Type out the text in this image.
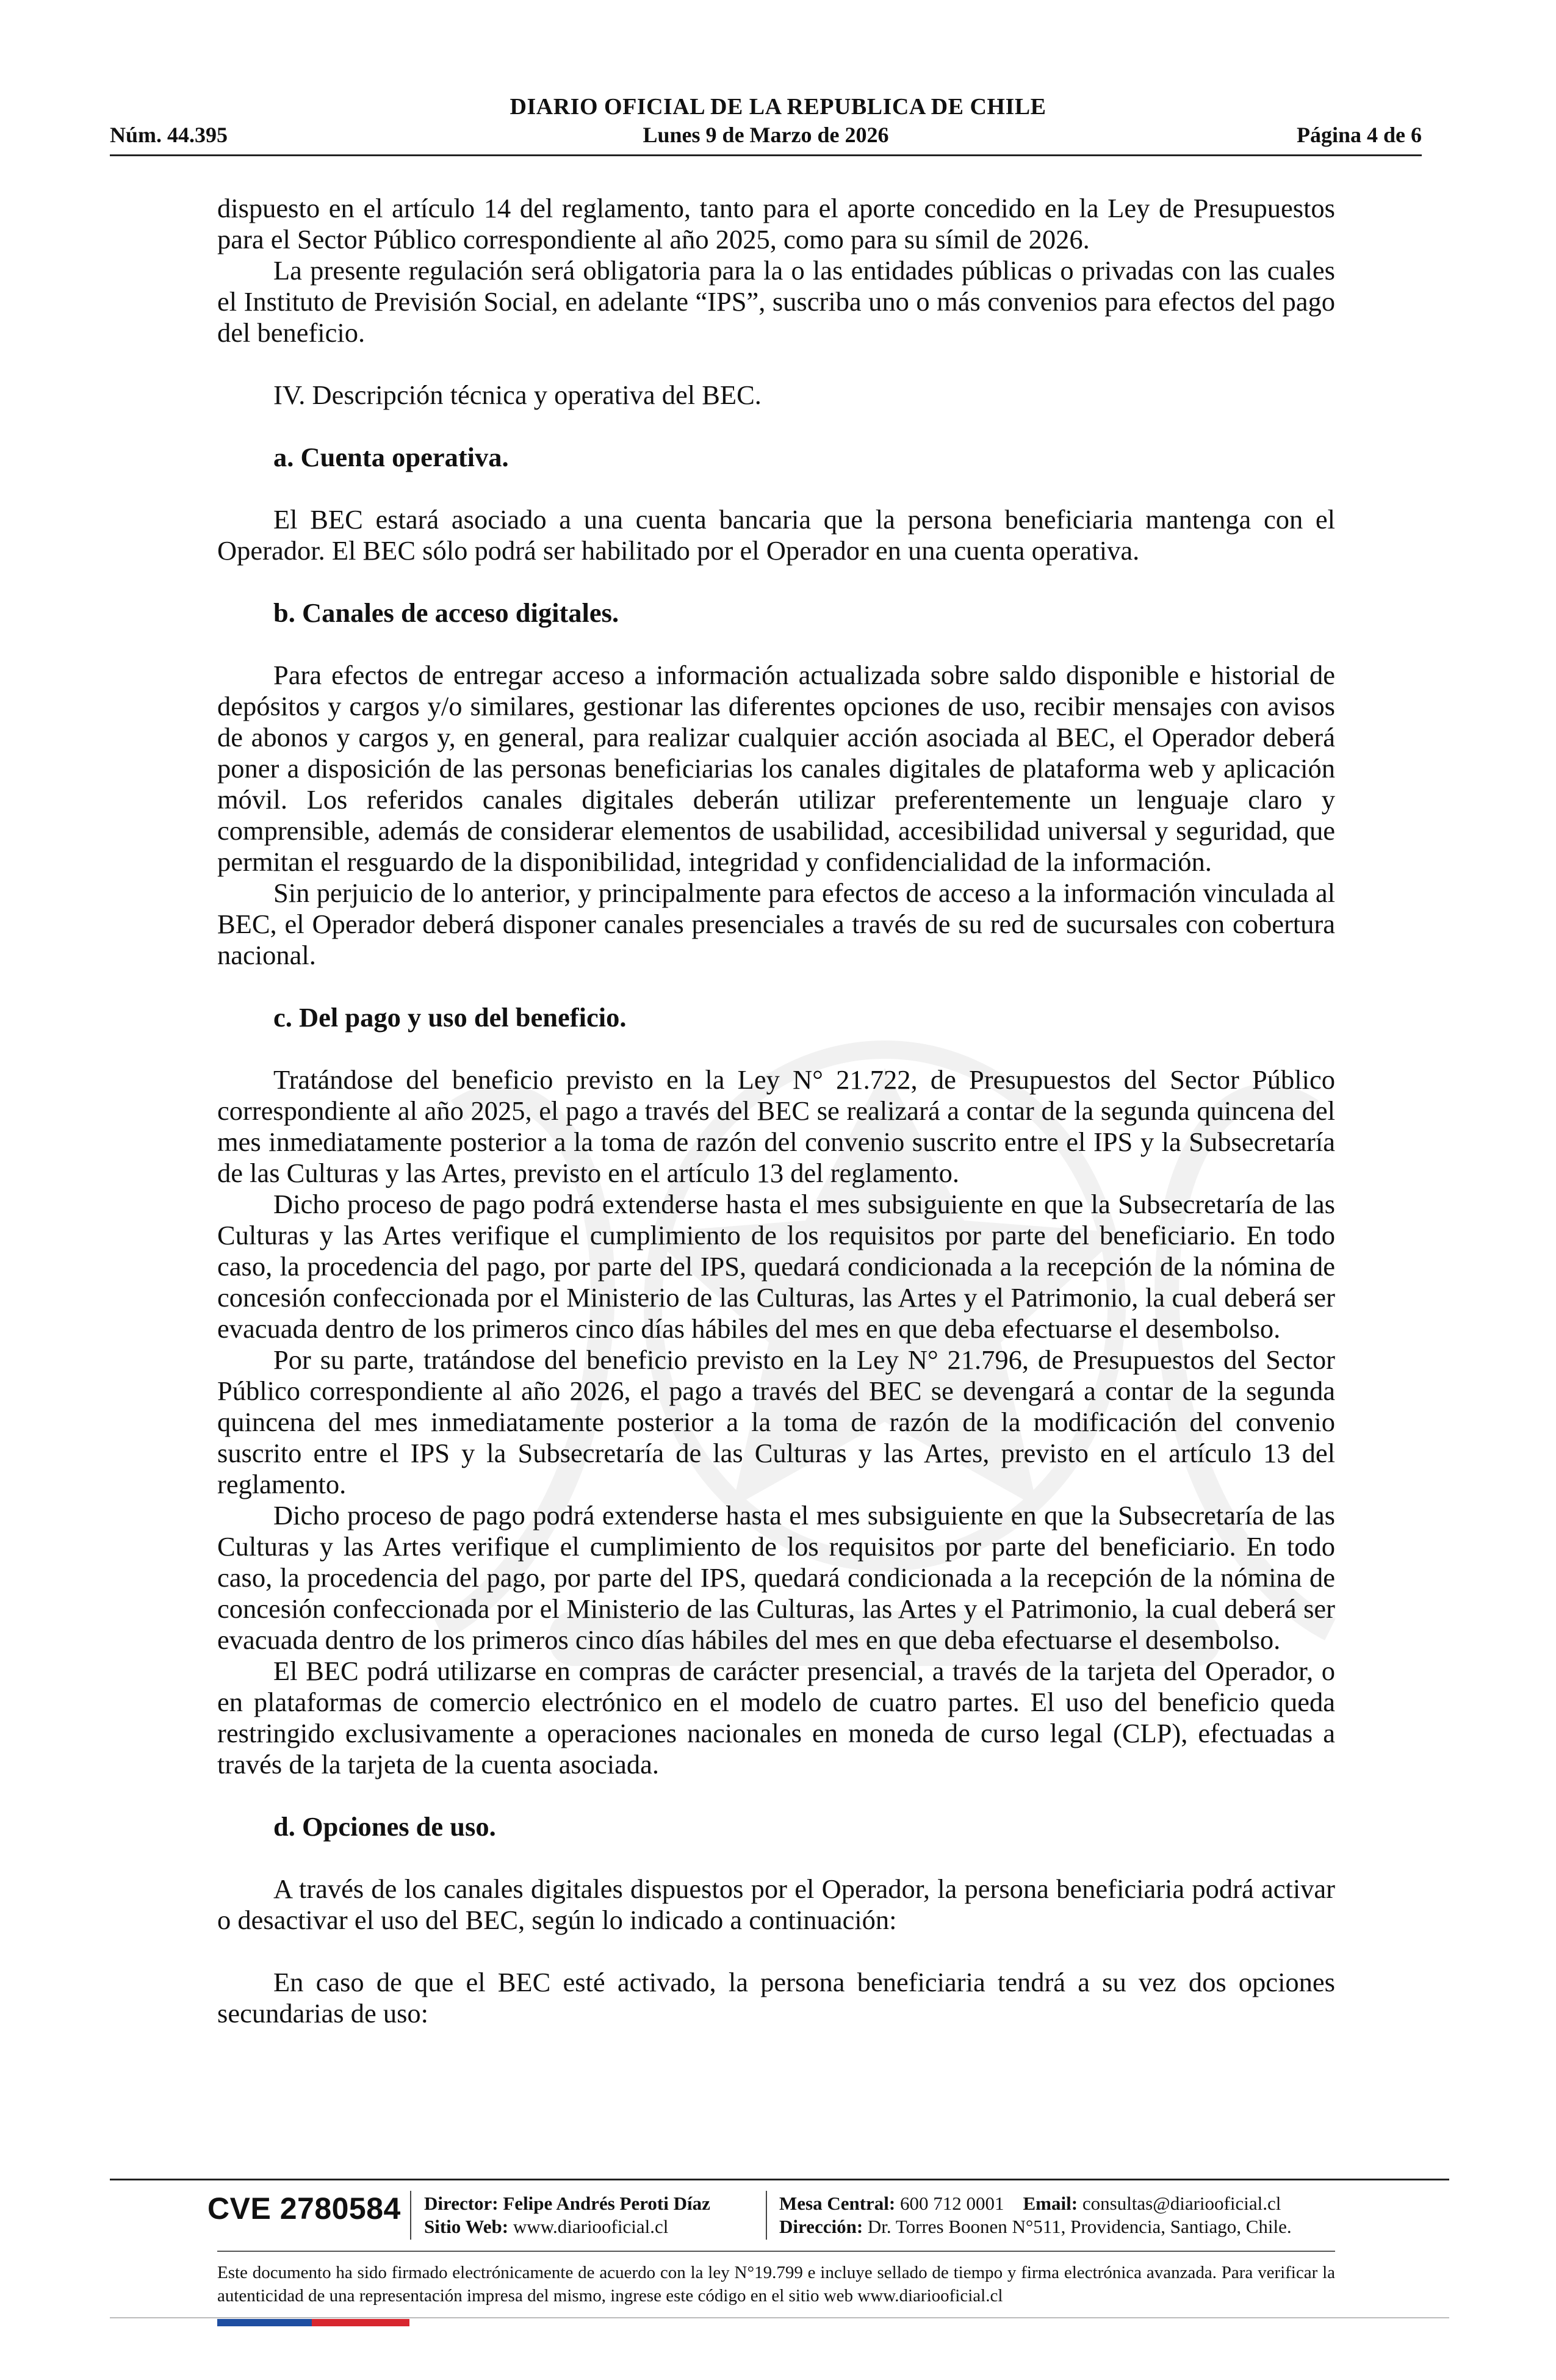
DIARIO OFICIAL DE LA REPUBLICA DE CHILE
Lunes 9 de Marzo de 2026
Núm. 44.395	Página 4 de 6

dispuesto en el artículo 14 del reglamento, tanto para el aporte concedido en la Ley de Presupuestos para el Sector Público correspondiente al año 2025, como para su símil de 2026.

La presente regulación será obligatoria para la o las entidades públicas o privadas con las cuales el Instituto de Previsión Social, en adelante “IPS”, suscriba uno o más convenios para efectos del pago del beneficio.

IV. Descripción técnica y operativa del BEC.

a. Cuenta operativa.

El BEC estará asociado a una cuenta bancaria que la persona beneficiaria mantenga con el Operador. El BEC sólo podrá ser habilitado por el Operador en una cuenta operativa.

b. Canales de acceso digitales.

Para efectos de entregar acceso a información actualizada sobre saldo disponible e historial de depósitos y cargos y/o similares, gestionar las diferentes opciones de uso, recibir mensajes con avisos de abonos y cargos y, en general, para realizar cualquier acción asociada al BEC, el Operador deberá poner a disposición de las personas beneficiarias los canales digitales de plataforma web y aplicación móvil. Los referidos canales digitales deberán utilizar preferentemente un lenguaje claro y comprensible, además de considerar elementos de usabilidad, accesibilidad universal y seguridad, que permitan el resguardo de la disponibilidad, integridad y confidencialidad de la información.

Sin perjuicio de lo anterior, y principalmente para efectos de acceso a la información vinculada al BEC, el Operador deberá disponer canales presenciales a través de su red de sucursales con cobertura nacional.

c. Del pago y uso del beneficio.

Tratándose del beneficio previsto en la Ley N° 21.722, de Presupuestos del Sector Público correspondiente al año 2025, el pago a través del BEC se realizará a contar de la segunda quincena del mes inmediatamente posterior a la toma de razón del convenio suscrito entre el IPS y la Subsecretaría de las Culturas y las Artes, previsto en el artículo 13 del reglamento.

Dicho proceso de pago podrá extenderse hasta el mes subsiguiente en que la Subsecretaría de las Culturas y las Artes verifique el cumplimiento de los requisitos por parte del beneficiario. En todo caso, la procedencia del pago, por parte del IPS, quedará condicionada a la recepción de la nómina de concesión confeccionada por el Ministerio de las Culturas, las Artes y el Patrimonio, la cual deberá ser evacuada dentro de los primeros cinco días hábiles del mes en que deba efectuarse el desembolso.

Por su parte, tratándose del beneficio previsto en la Ley N° 21.796, de Presupuestos del Sector Público correspondiente al año 2026, el pago a través del BEC se devengará a contar de la segunda quincena del mes inmediatamente posterior a la toma de razón de la modificación del convenio suscrito entre el IPS y la Subsecretaría de las Culturas y las Artes, previsto en el artículo 13 del reglamento.

Dicho proceso de pago podrá extenderse hasta el mes subsiguiente en que la Subsecretaría de las Culturas y las Artes verifique el cumplimiento de los requisitos por parte del beneficiario. En todo caso, la procedencia del pago, por parte del IPS, quedará condicionada a la recepción de la nómina de concesión confeccionada por el Ministerio de las Culturas, las Artes y el Patrimonio, la cual deberá ser evacuada dentro de los primeros cinco días hábiles del mes en que deba efectuarse el desembolso.

El BEC podrá utilizarse en compras de carácter presencial, a través de la tarjeta del Operador, o en plataformas de comercio electrónico en el modelo de cuatro partes. El uso del beneficio queda restringido exclusivamente a operaciones nacionales en moneda de curso legal (CLP), efectuadas a través de la tarjeta de la cuenta asociada.

d. Opciones de uso.

A través de los canales digitales dispuestos por el Operador, la persona beneficiaria podrá activar o desactivar el uso del BEC, según lo indicado a continuación:

En caso de que el BEC esté activado, la persona beneficiaria tendrá a su vez dos opciones secundarias de uso:

CVE 2780584 Director: Felipe Andrés Peroti Díaz
Sitio Web: www.diariooficial.cl
Mesa Central: 600 712 0001 Email: consultas@diariooficial.cl
Dirección: Dr. Torres Boonen N°511, Providencia, Santiago, Chile.
Este documento ha sido firmado electrónicamente de acuerdo con la ley N°19.799 e incluye sellado de tiempo y firma electrónica avanzada. Para verificar la autenticidad de una representación impresa del mismo, ingrese este código en el sitio web www.diariooficial.cl
